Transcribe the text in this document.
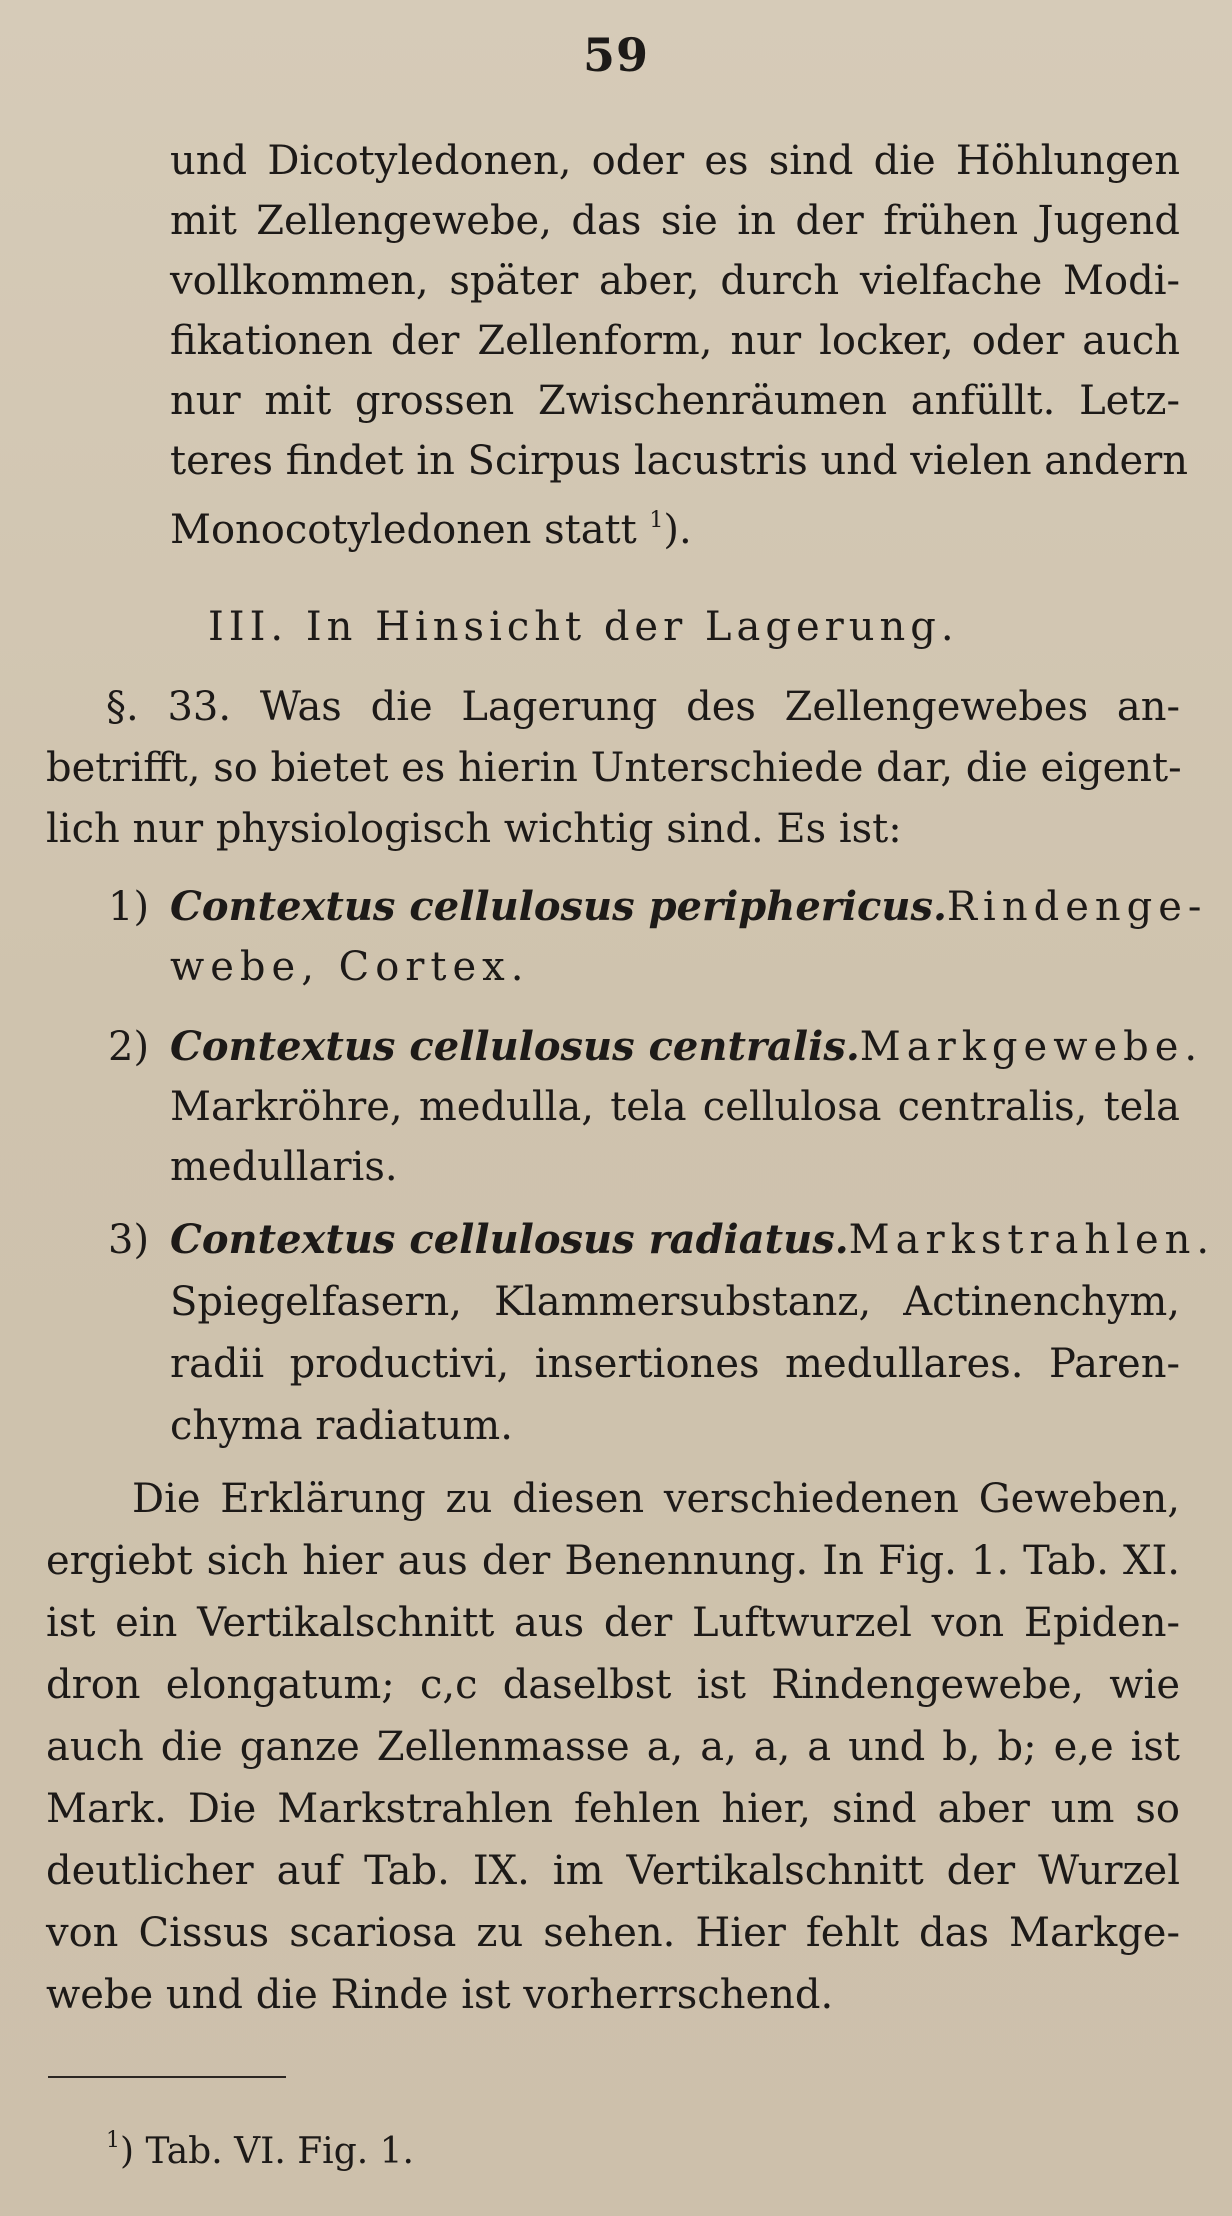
59
und Dicotyledonen, oder es sind die Höhlungen
mit Zellengewebe, das sie in der frühen Jugend
vollkommen, später aber, durch vielfache Modi-
fikationen der Zellenform, nur locker, oder auch
nur mit grossen Zwischenräumen anfüllt. Letz-
teres findet in Scirpus lacustris und vielen andern
Monocotyledonen statt $^1$).
III. In Hinsicht der Lagerung.
§. 33. Was die Lagerung des Zellengewebes an-
betrifft, so bietet es hierin Unterschiede dar, die eigent-
lich nur physiologisch wichtig sind. Es ist:
1) Contextus cellulosus periphericus. Rindenge-
webe, Cortex.
2) Contextus cellulosus centralis. Markgewebe.
Markröhre, medulla, tela cellulosa centralis, tela
medullaris.
3) Contextus cellulosus radiatus. Markstrahlen.
Spiegelfasern, Klammersubstanz, Actinenchym,
radii productivi, insertiones medullares. Paren-
chyma radiatum.
Die Erklärung zu diesen verschiedenen Geweben,
ergiebt sich hier aus der Benennung. In Fig. 1. Tab. XI.
ist ein Vertikalschnitt aus der Luftwurzel von Epiden-
dron elongatum; c,c daselbst ist Rindengewebe, wie
auch die ganze Zellenmasse a, a, a, a und b, b; e,e ist
Mark. Die Markstrahlen fehlen hier, sind aber um so
deutlicher auf Tab. IX. im Vertikalschnitt der Wurzel
von Cissus scariosa zu sehen. Hier fehlt das Markge-
webe und die Rinde ist vorherrschend.
$^1$) Tab. VI. Fig. 1.
